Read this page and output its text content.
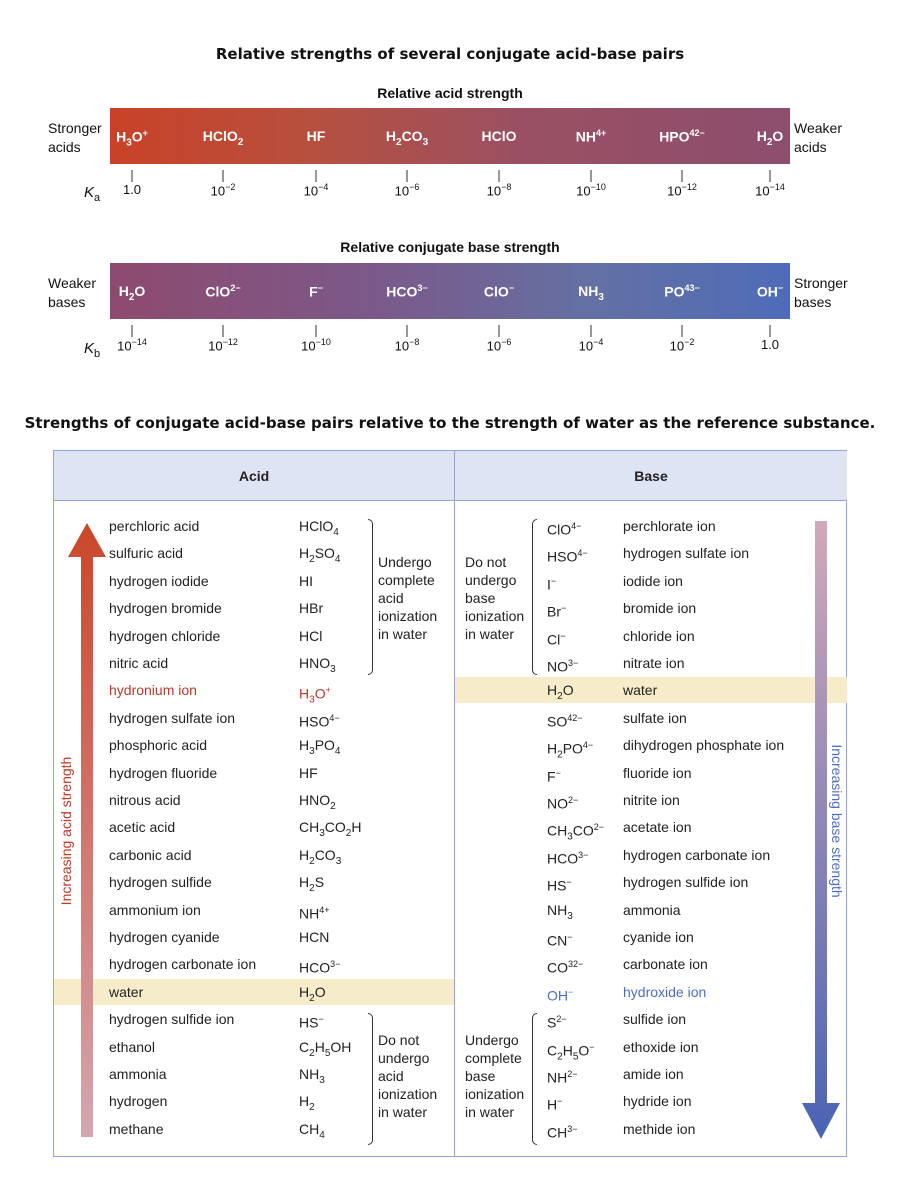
Relative strengths of several conjugate acid-base pairs
Relative acid strength
Relative conjugate base strength
Strengths of conjugate acid-base pairs relative to the strength of water as the reference substance.
Stronger
acids
Weaker
acids
$H_3O^+$	HClO$_2$	HF	$H_2CO_3$	HClO	$NH^{4+}$	$HPO^{42-}$	$H_2O$
$K_a$
1.0	$10^{-2}$	$10^{-4}$	$10^{-6}$	$10^{-8}$	$10^{-10}$	$10^{-12}$	$10^{-14}$
Weaker
bases
Stronger
bases
$H_2O$	ClO$^{2-}$	F−	$HCO^{3-}$	ClO−	$NH_3$	$PO^{43-}$	OH−
$K_b$
$10^{-14}$	$10^{-12}$	$10^{-10}$	$10^{-8}$	$10^{-6}$	$10^{-4}$	$10^{-2}$	1.0
Acid	Base
perchloric acid	HClO$_4$	ClO$^{4-}$	perchlorate ion
sulfuric acid	$H_2SO_4$	$HSO^{4-}$	hydrogen sulfate ion
hydrogen iodide	HI	I−	iodide ion
hydrogen bromide	HBr	Br−	bromide ion
hydrogen chloride	HCl	Cl−	chloride ion
nitric acid	$HNO_3$	$NO^{3-}$	nitrate ion
hydronium ion	$H_3O^+$	$H_2O$	water
hydrogen sulfate ion	$HSO^{4-}$	$SO^{42-}$	sulfate ion
phosphoric acid	$H_3PO_4$	$H_2PO^{4-}$ dihydrogen phosphate ion
hydrogen fluoride	HF	F−	fluoride ion
nitrous acid	$HNO_2$	$NO^{2-}$	nitrite ion
acetic acid	$CH_3CO_2H$	$CH_3CO^{2-}$ acetate ion
carbonic acid	$H_2CO_3$	$HCO^{3-}$ hydrogen carbonate ion
hydrogen sulfide	$H_2S$	HS−	hydrogen sulfide ion
ammonium ion	$NH^{4+}$	$NH_3$	ammonia
hydrogen cyanide	HCN	CN−	cyanide ion
hydrogen carbonate ion	$HCO^{3-}$	$CO^{32-}$	carbonate ion
water	$H_2O$	OH−	hydroxide ion
hydrogen sulfide ion	HS−	$S^{2-}$	sulfide ion
ethanol	$C_2H_5OH$	$C_2H_5O^-$ ethoxide ion
ammonia	$NH_3$	$NH^{2-}$	amide ion
hydrogen	$H_2$	H−	hydride ion
methane	$CH_4$	$CH^{3-}$	methide ion
Increasing acid strength	Increasing base strength
Undergo
complete
acid
ionization
in water
Do not
undergo
acid
ionization
in water
Do not
undergo
base
ionization
in water
Undergo
complete
base
ionization
in water
